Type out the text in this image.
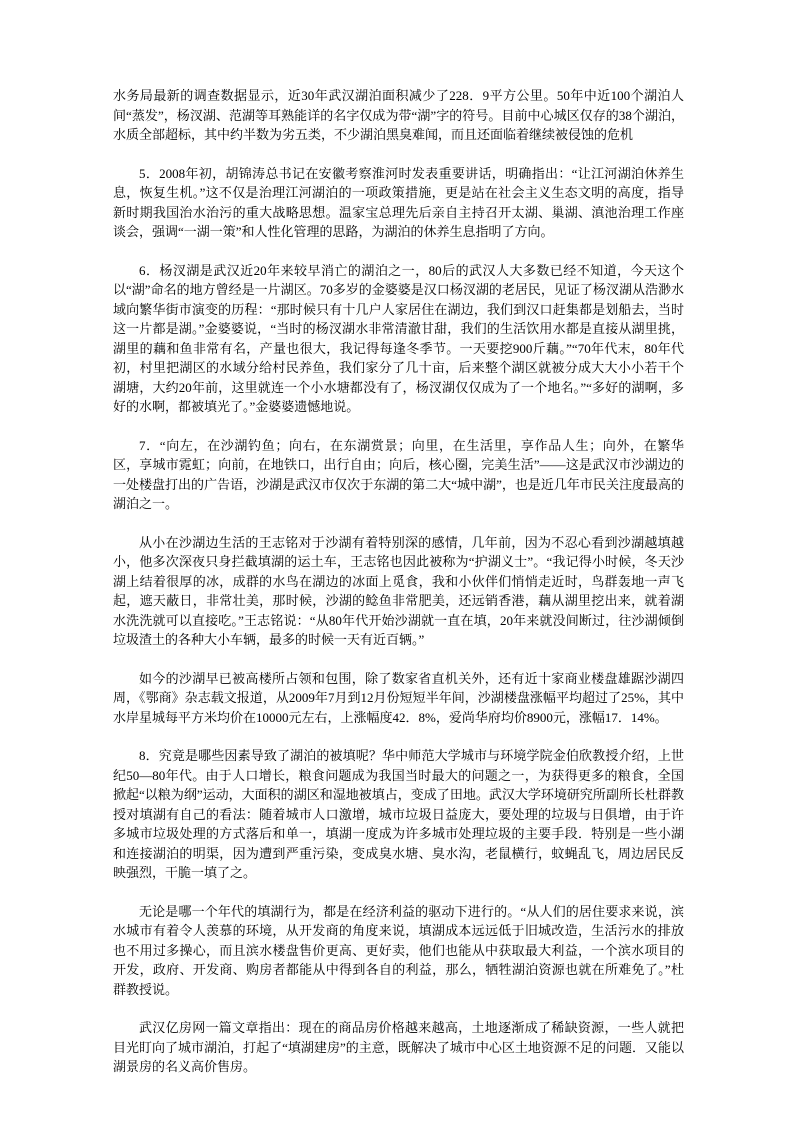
水务局最新的调查数据显示，近30年武汉湖泊面积减少了228．9平方公里。50年中近100个湖泊人间“蒸发”，杨汊湖、范湖等耳熟能详的名字仅成为带“湖”字的符号。目前中心城区仅存的38个湖泊，水质全部超标，其中约半数为劣五类，不少湖泊黑臭难闻，而且还面临着继续被侵蚀的危机

5．2008年初，胡锦涛总书记在安徽考察淮河时发表重要讲话，明确指出：“让江河湖泊休养生息，恢复生机。”这不仅是治理江河湖泊的一项政策措施，更是站在社会主义生态文明的高度，指导新时期我国治水治污的重大战略思想。温家宝总理先后亲自主持召开太湖、巢湖、滇池治理工作座谈会，强调“一湖一策”和人性化管理的思路，为湖泊的休养生息指明了方向。

6．杨汊湖是武汉近20年来较早消亡的湖泊之一，80后的武汉人大多数已经不知道，今天这个以“湖”命名的地方曾经是一片湖区。70多岁的金婆婆是汉口杨汊湖的老居民，见证了杨汊湖从浩渺水域向繁华街市演变的历程：“那时候只有十几户人家居住在湖边，我们到汉口赶集都是划船去，当时这一片都是湖。”金婆婆说，“当时的杨汊湖水非常清澈甘甜，我们的生活饮用水都是直接从湖里挑，湖里的藕和鱼非常有名，产量也很大，我记得每逢冬季节。一天要挖900斤藕。”“70年代末，80年代初，村里把湖区的水域分给村民养鱼，我们家分了几十亩，后来整个湖区就被分成大大小小若干个湖塘，大约20年前，这里就连一个小水塘都没有了，杨汊湖仅仅成为了一个地名。”“多好的湖啊，多好的水啊，都被填光了。”金婆婆遗憾地说。

7．“向左，在沙湖钓鱼；向右，在东湖赏景；向里，在生活里，享作品人生；向外，在繁华区，享城市霓虹；向前，在地铁口，出行自由；向后，核心圈，完美生活”——这是武汉市沙湖边的一处楼盘打出的广告语，沙湖是武汉市仅次于东湖的第二大“城中湖”，也是近几年市民关注度最高的湖泊之一。

从小在沙湖边生活的王志铭对于沙湖有着特别深的感情，几年前，因为不忍心看到沙湖越填越小，他多次深夜只身拦截填湖的运土车，王志铭也因此被称为“护湖义士”。“我记得小时候，冬天沙湖上结着很厚的冰，成群的水鸟在湖边的冰面上觅食，我和小伙伴们悄悄走近时，鸟群轰地一声飞起，遮天蔽日，非常壮美，那时候，沙湖的鲶鱼非常肥美，还远销香港，藕从湖里挖出来，就着湖水洗洗就可以直接吃。”王志铭说：“从80年代开始沙湖就一直在填，20年来就没间断过，往沙湖倾倒垃圾渣土的各种大小车辆，最多的时候一天有近百辆。”

如今的沙湖早已被高楼所占领和包围，除了数家省直机关外，还有近十家商业楼盘雄踞沙湖四周，《鄂商》杂志载文报道，从2009年7月到12月份短短半年间，沙湖楼盘涨幅平均超过了25%，其中水岸星城每平方米均价在10000元左右，上涨幅度42．8%，爱尚华府均价8900元，涨幅17．14%。

8．究竟是哪些因素导致了湖泊的被填呢？华中师范大学城市与环境学院金伯欣教授介绍，上世纪50—80年代。由于人口增长，粮食问题成为我国当时最大的问题之一，为获得更多的粮食，全国掀起“以粮为纲”运动，大面积的湖区和湿地被填占，变成了田地。武汉大学环境研究所副所长杜群教授对填湖有自己的看法：随着城市人口激增，城市垃圾日益庞大，要处理的垃圾与日俱增，由于许多城市垃圾处理的方式落后和单一，填湖一度成为许多城市处理垃圾的主要手段．特别是一些小湖和连接湖泊的明渠，因为遭到严重污染，变成臭水塘、臭水沟，老鼠横行，蚊蝇乱飞，周边居民反映强烈，干脆一填了之。

无论是哪一个年代的填湖行为，都是在经济利益的驱动下进行的。“从人们的居住要求来说，滨水城市有着令人羡慕的环境，从开发商的角度来说，填湖成本远远低于旧城改造，生活污水的排放也不用过多操心，而且滨水楼盘售价更高、更好卖，他们也能从中获取最大利益，一个滨水项目的开发，政府、开发商、购房者都能从中得到各自的利益，那么，牺牲湖泊资源也就在所难免了。”杜群教授说。

武汉亿房网一篇文章指出：现在的商品房价格越来越高，土地逐渐成了稀缺资源，一些人就把目光盯向了城市湖泊，打起了“填湖建房”的主意，既解决了城市中心区土地资源不足的问题．又能以湖景房的名义高价售房。
